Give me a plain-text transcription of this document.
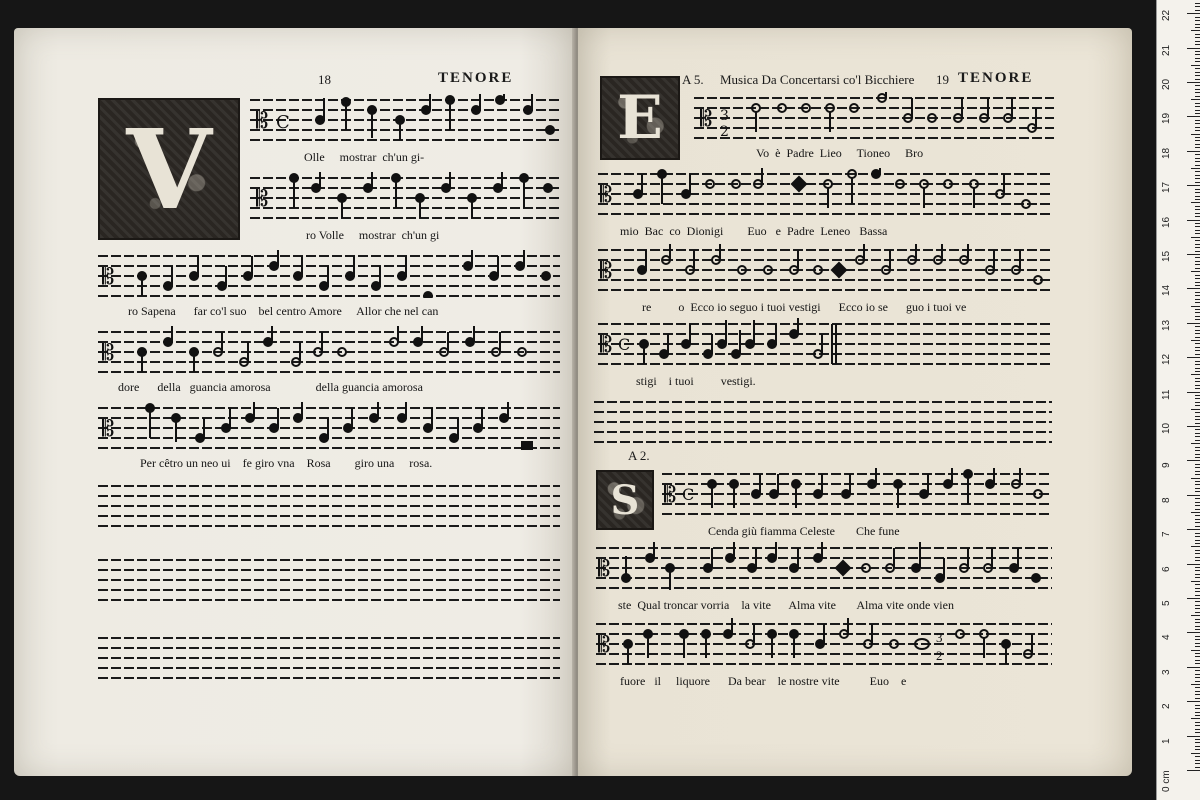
18	TENORE
V	𝄡 C
Olle mostrar ch'un gi-
𝄡
ro Volle mostrar ch'un gi
𝄡
ro Sapena far co'l suo bel centro Amore Allor che nel can
𝄡
dore della guancia amorosa	della guancia amorosa
𝄡
Per cêtro un neo ui fe giro vna Rosa giro una rosa.
A 5. Musica Da Concertarsi co'l Bicchiere 19 TENORE
E	𝄡 3
2
Vo è Padre Lieo Tioneo Bro
𝄡
mio Bac co Dionigi Euo e Padre Leneo Bassa
𝄡
re o Ecco io seguo i tuoi vestigi Ecco io se guo i tuoi ve
𝄡 C
stigi i tuoi vestigi.
A 2.
S	𝄡 C
Cenda giù fiamma Celeste Che fune
𝄡
ste Qual troncar vorria la vite Alma vite Alma vite onde vien
𝄡	3
2
fuore il liquore Da bear le nostre vite	Euo e
0 cm
1
2
3
4
5
6
7
8
9
10
11
12
13
14
15
16
17
18
19
20
21
22
